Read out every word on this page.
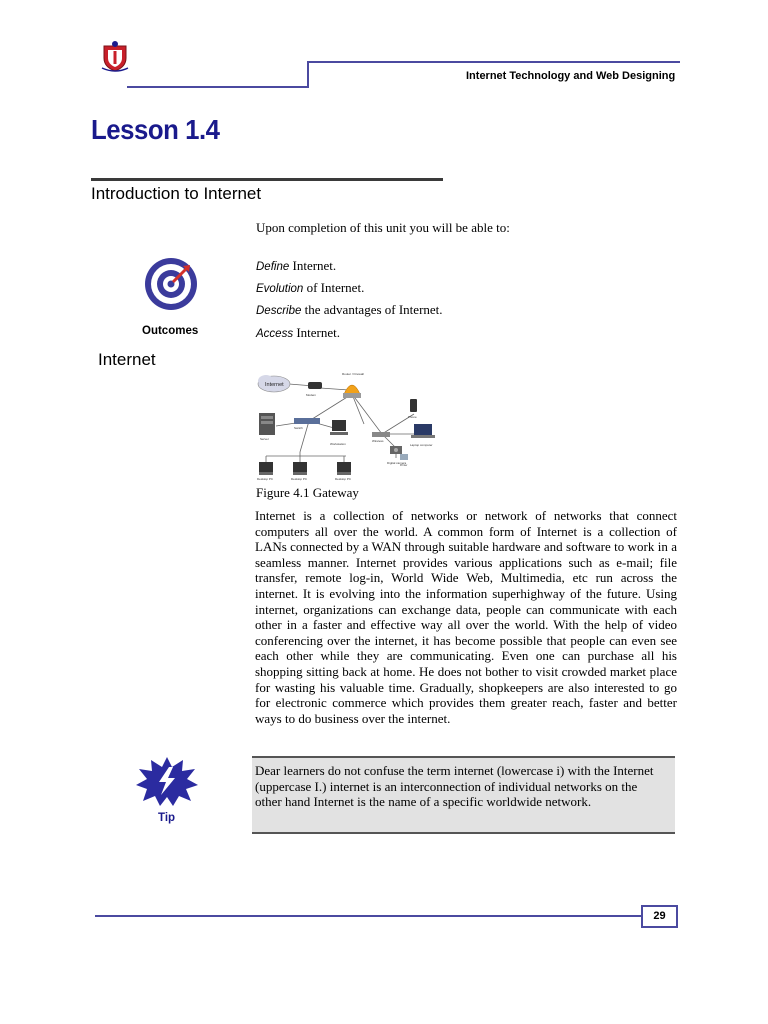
Internet Technology and Web Designing
Lesson 1.4
Introduction to Internet
Upon completion of this unit you will be able to:
Outcomes
Define Internet.
Evolution of Internet.
Describe the advantages of Internet.
Access Internet.
Internet
Internet
Modem
Router / Firewall
Server
Switch
Workstation
Wireless
Phone
Laptop computer
Digital camera
Printer
Desktop PC	Desktop PC	Desktop PC
Figure 4.1 Gateway
Internet is a collection of networks or network of networks that connect computers all over the world. A common form of Internet is a collection of LANs connected by a WAN through suitable hardware and software to work in a seamless manner. Internet provides various applications such as e-mail; file transfer, remote log-in, World Wide Web, Multimedia, etc run across the internet. It is evolving into the information superhighway of the future. Using internet, organizations can exchange data, people can communicate with each other in a faster and effective way all over the world. With the help of video conferencing over the internet, it has become possible that people can even see each other while they are communicating. Even one can purchase all his shopping sitting back at home. He does not bother to visit crowded market place for wasting his valuable time. Gradually, shopkeepers are also interested to go for electronic commerce which provides them greater reach, faster and better ways to do business over the internet.
Tip
Dear learners do not confuse the term internet (lowercase i) with the Internet (uppercase I.) internet is an interconnection of individual networks on the other hand Internet is the name of a specific worldwide network.
29
